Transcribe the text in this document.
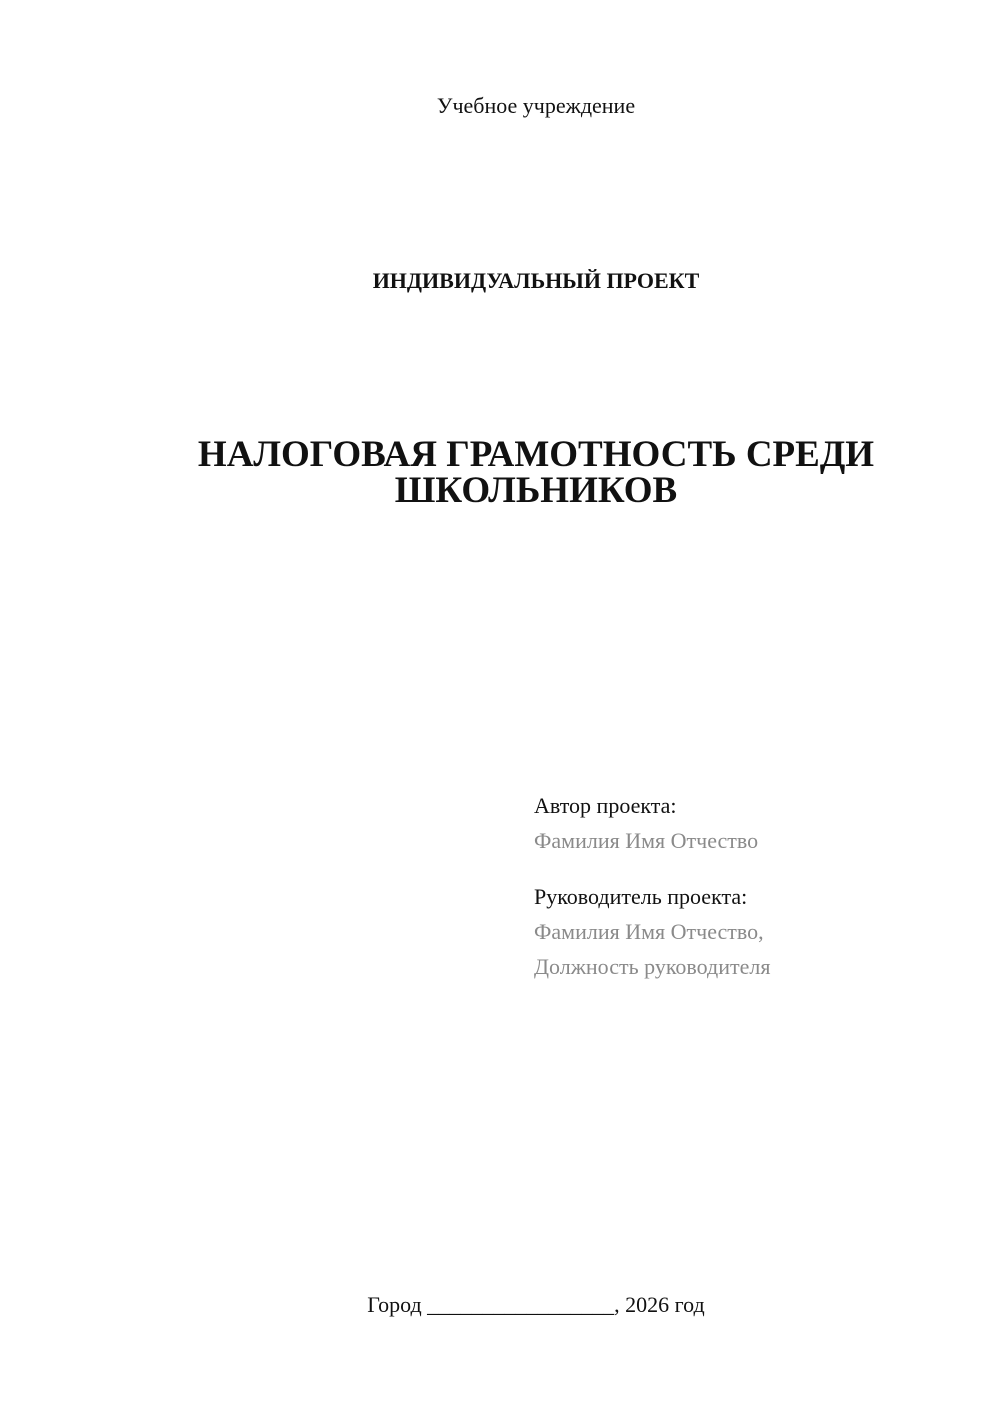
Учебное учреждение
ИНДИВИДУАЛЬНЫЙ ПРОЕКТ
НАЛОГОВАЯ ГРАМОТНОСТЬ СРЕДИ
ШКОЛЬНИКОВ
Автор проекта:
Фамилия Имя Отчество
Руководитель проекта:
Фамилия Имя Отчество,
Должность руководителя
Город _________________, 2026 год
